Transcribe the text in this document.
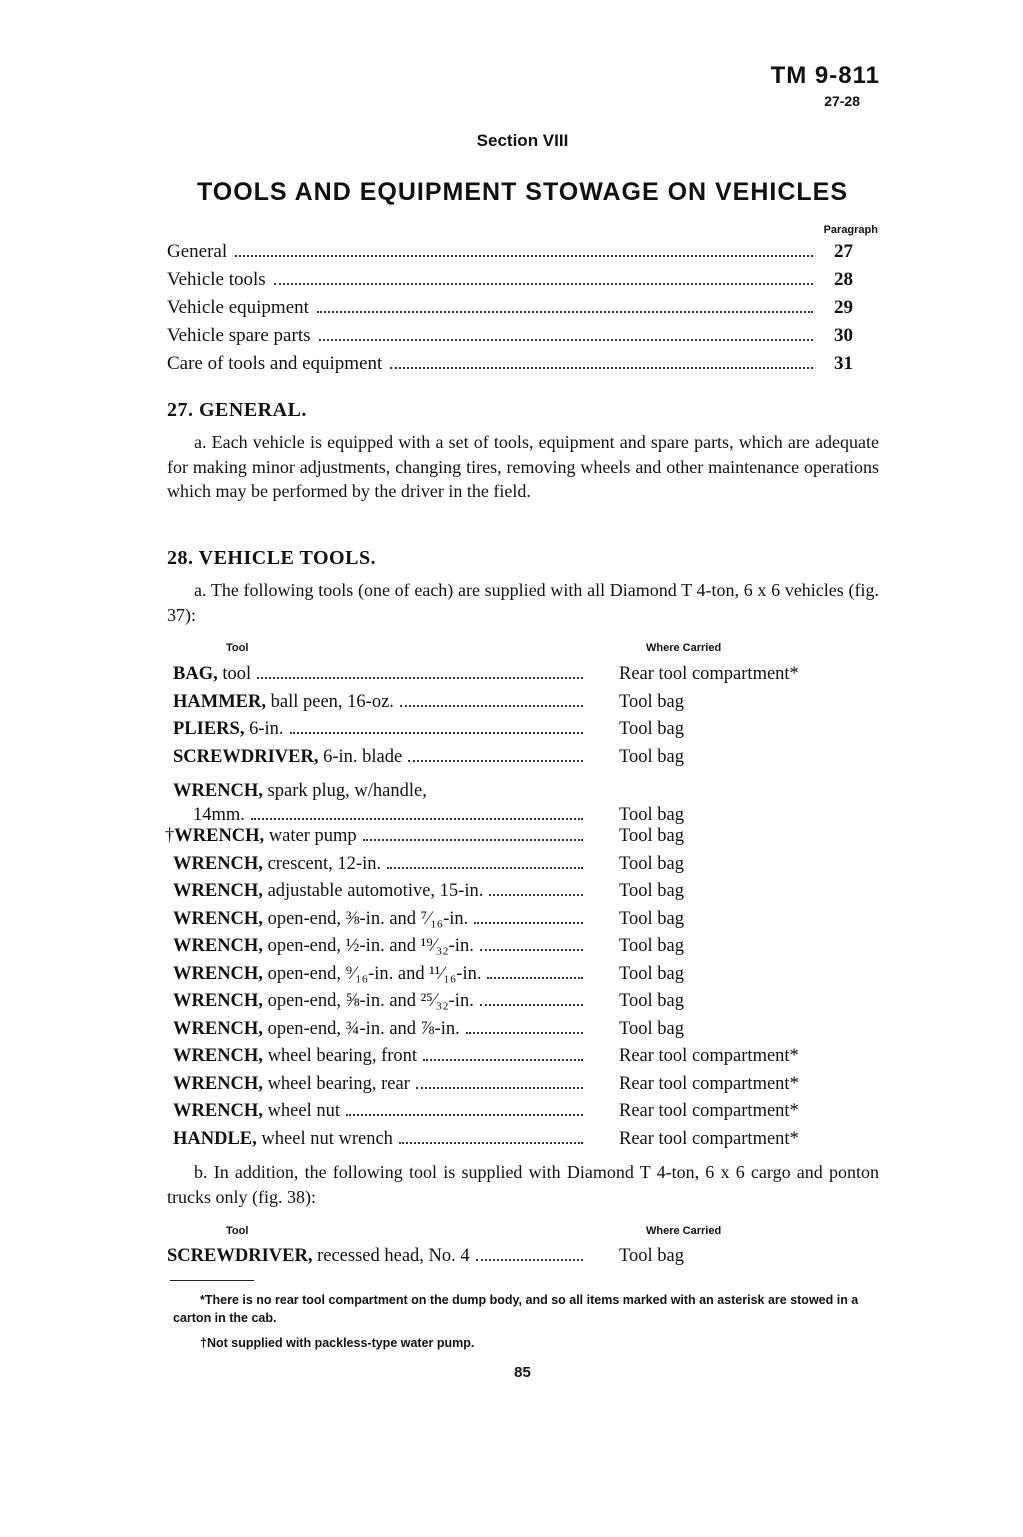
TM 9-811
27-28
Section VIII
TOOLS AND EQUIPMENT STOWAGE ON VEHICLES
Paragraph
General	27
Vehicle tools	28
Vehicle equipment	29
Vehicle spare parts	30
Care of tools and equipment	31
27. GENERAL.
a. Each vehicle is equipped with a set of tools, equipment and spare parts, which are adequate for making minor adjustments, changing tires, removing wheels and other maintenance operations which may be performed by the driver in the field.
28. VEHICLE TOOLS.
a. The following tools (one of each) are supplied with all Diamond T 4-ton, 6 x 6 vehicles (fig. 37):
Tool	Where Carried
BAG, tool	Rear tool compartment*
HAMMER, ball peen, 16-oz.	Tool bag
PLIERS, 6-in.	Tool bag
SCREWDRIVER, 6-in. blade	Tool bag
WRENCH, spark plug, w/handle,
14mm.	Tool bag
† WRENCH, water pump	Tool bag
WRENCH, crescent, 12-in.	Tool bag
WRENCH, adjustable automotive, 15-in.	Tool bag
WRENCH, open-end, ⅜-in. and ⁷⁄₁₆-in.	Tool bag
WRENCH, open-end, ½-in. and ¹⁹⁄₃₂-in.	Tool bag
WRENCH, open-end, ⁹⁄₁₆-in. and ¹¹⁄₁₆-in.	Tool bag
WRENCH, open-end, ⅝-in. and ²⁵⁄₃₂-in.	Tool bag
WRENCH, open-end, ¾-in. and ⅞-in.	Tool bag
WRENCH, wheel bearing, front	Rear tool compartment*
WRENCH, wheel bearing, rear	Rear tool compartment*
WRENCH, wheel nut	Rear tool compartment*
HANDLE, wheel nut wrench	Rear tool compartment*
b. In addition, the following tool is supplied with Diamond T 4-ton, 6 x 6 cargo and ponton trucks only (fig. 38):
Tool	Where Carried
SCREWDRIVER, recessed head, No. 4	Tool bag
*There is no rear tool compartment on the dump body, and so all items marked with an asterisk are stowed in a carton in the cab.
†Not supplied with packless-type water pump.
85
